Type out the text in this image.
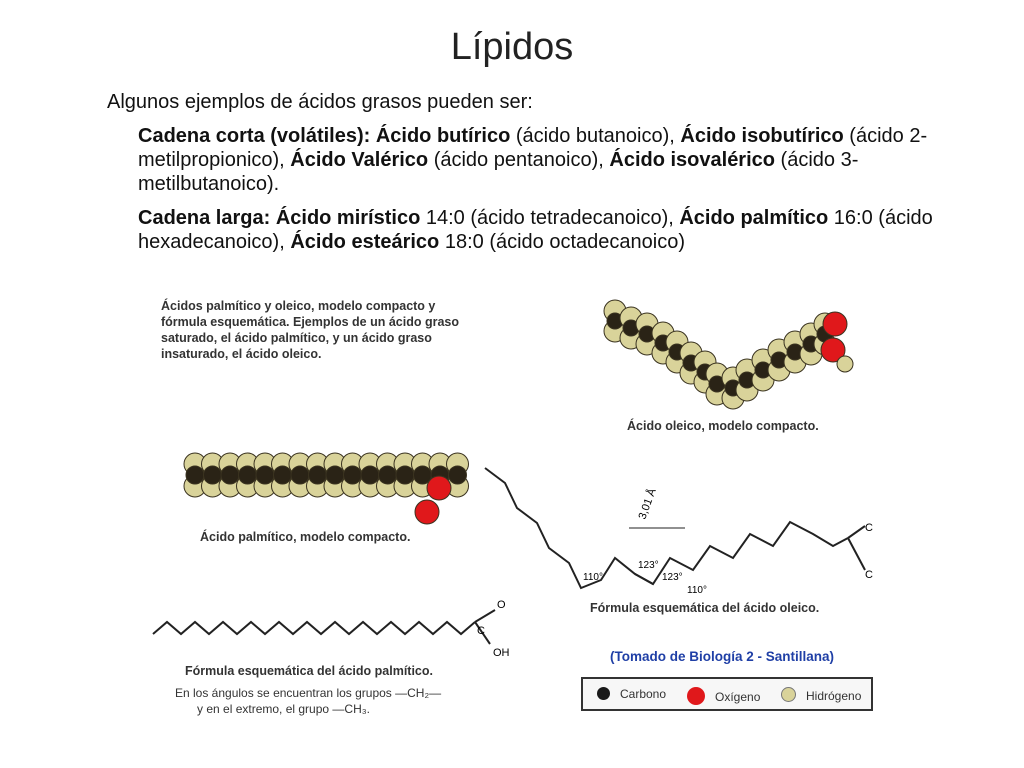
Lípidos
Algunos ejemplos de ácidos grasos pueden ser:
Cadena corta (volátiles): Ácido butírico (ácido butanoico), Ácido isobutírico (ácido 2-metilpropionico), Ácido Valérico (ácido pentanoico), Ácido isovalérico (ácido 3-metilbutanoico).
Cadena larga: Ácido mirístico 14:0 (ácido tetradecanoico), Ácido palmítico 16:0 (ácido hexadecanoico), Ácido esteárico 18:0 (ácido octadecanoico)
3,01 Å
110°
123°
123°
110°
C
C
O
C
OH
Ácidos palmítico y oleico, modelo compacto y fórmula esquemática. Ejemplos de un ácido graso saturado, el ácido palmítico, y un ácido graso insaturado, el ácido oleico.
Ácido oleico, modelo compacto.
Ácido palmítico, modelo compacto.
Fórmula esquemática del ácido oleico.
Fórmula esquemática del ácido palmítico.
En los ángulos se encuentran los grupos —CH₂—
y en el extremo, el grupo —CH₃.
(Tomado de Biología 2 - Santillana)
Carbono	Oxígeno	Hidrógeno
